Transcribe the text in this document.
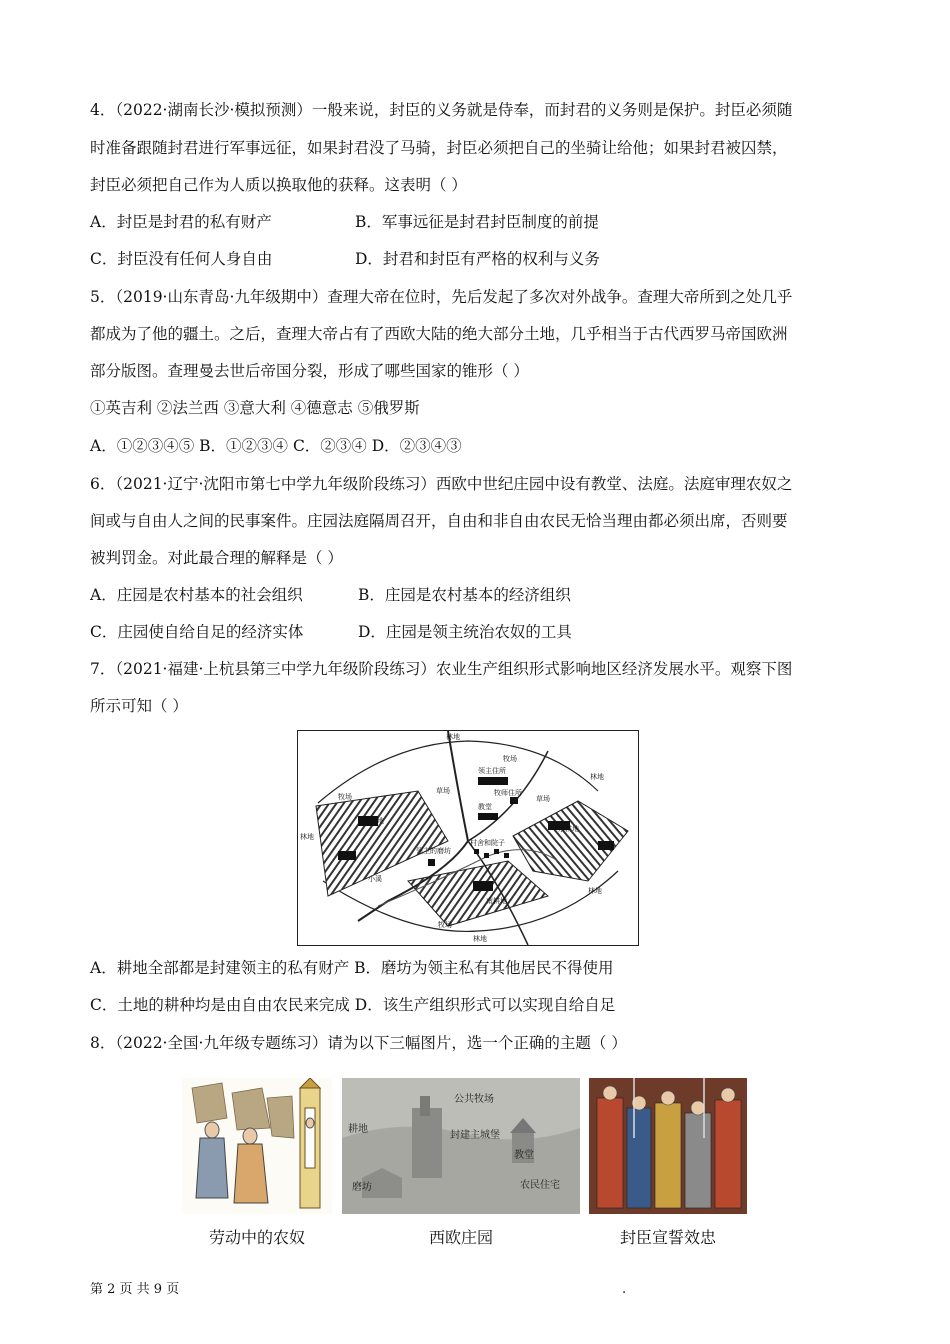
4．（2022·湖南长沙·模拟预测）一般来说，封臣的义务就是侍奉，而封君的义务则是保护。封臣必须随
时准备跟随封君进行军事远征，如果封君没了马骑，封臣必须把自己的坐骑让给他；如果封君被囚禁，
封臣必须把自己作为人质以换取他的获释。这表明（ ）
A．封臣是封君的私有财产	B．军事远征是封君封臣制度的前提
C．封臣没有任何人身自由	D．封君和封臣有严格的权利与义务
5．（2019·山东青岛·九年级期中）查理大帝在位时，先后发起了多次对外战争。查理大帝所到之处几乎
都成为了他的疆土。之后，查理大帝占有了西欧大陆的绝大部分土地，几乎相当于古代西罗马帝国欧洲
部分版图。查理曼去世后帝国分裂，形成了哪些国家的锥形（ ）
①英吉利 ②法兰西 ③意大利 ④德意志 ⑤俄罗斯
A．①②③④⑤ B．①②③④ C．②③④ D．②③④③
6．（2021·辽宁·沈阳市第七中学九年级阶段练习）西欧中世纪庄园中设有教堂、法庭。法庭审理农奴之
间或与自由人之间的民事案件。庄园法庭隔周召开，自由和非自由农民无恰当理由都必须出席，否则要
被判罚金。对此最合理的解释是（ ）
A．庄园是农村基本的社会组织	B．庄园是农村基本的经济组织
C．庄园使自给自足的经济实体	D．庄园是领主统治农奴的工具
7．（2021·福建·上杭县第三中学九年级阶段练习）农业生产组织形式影响地区经济发展水平。观察下图
所示可知（ ）
林地
牧场
领主住所
牧师住所
教堂
草场
草场
牧场
林地
林地
东耕地
西耕地
领主的磨坊
村舍和院子
小溪
南耕地
林地
牧场
林地
A．耕地全部都是封建领主的私有财产 B．磨坊为领主私有其他居民不得使用
C．土地的耕种均是由自由农民来完成 D．该生产组织形式可以实现自给自足
8．（2022·全国·九年级专题练习）请为以下三幅图片，选一个正确的主题（ ）
劳动中的农奴
公共牧场
耕地
封建主城堡
教堂
磨坊	农民住宅
西欧庄园	封臣宣誓效忠
第 2 页 共 9 页	.
